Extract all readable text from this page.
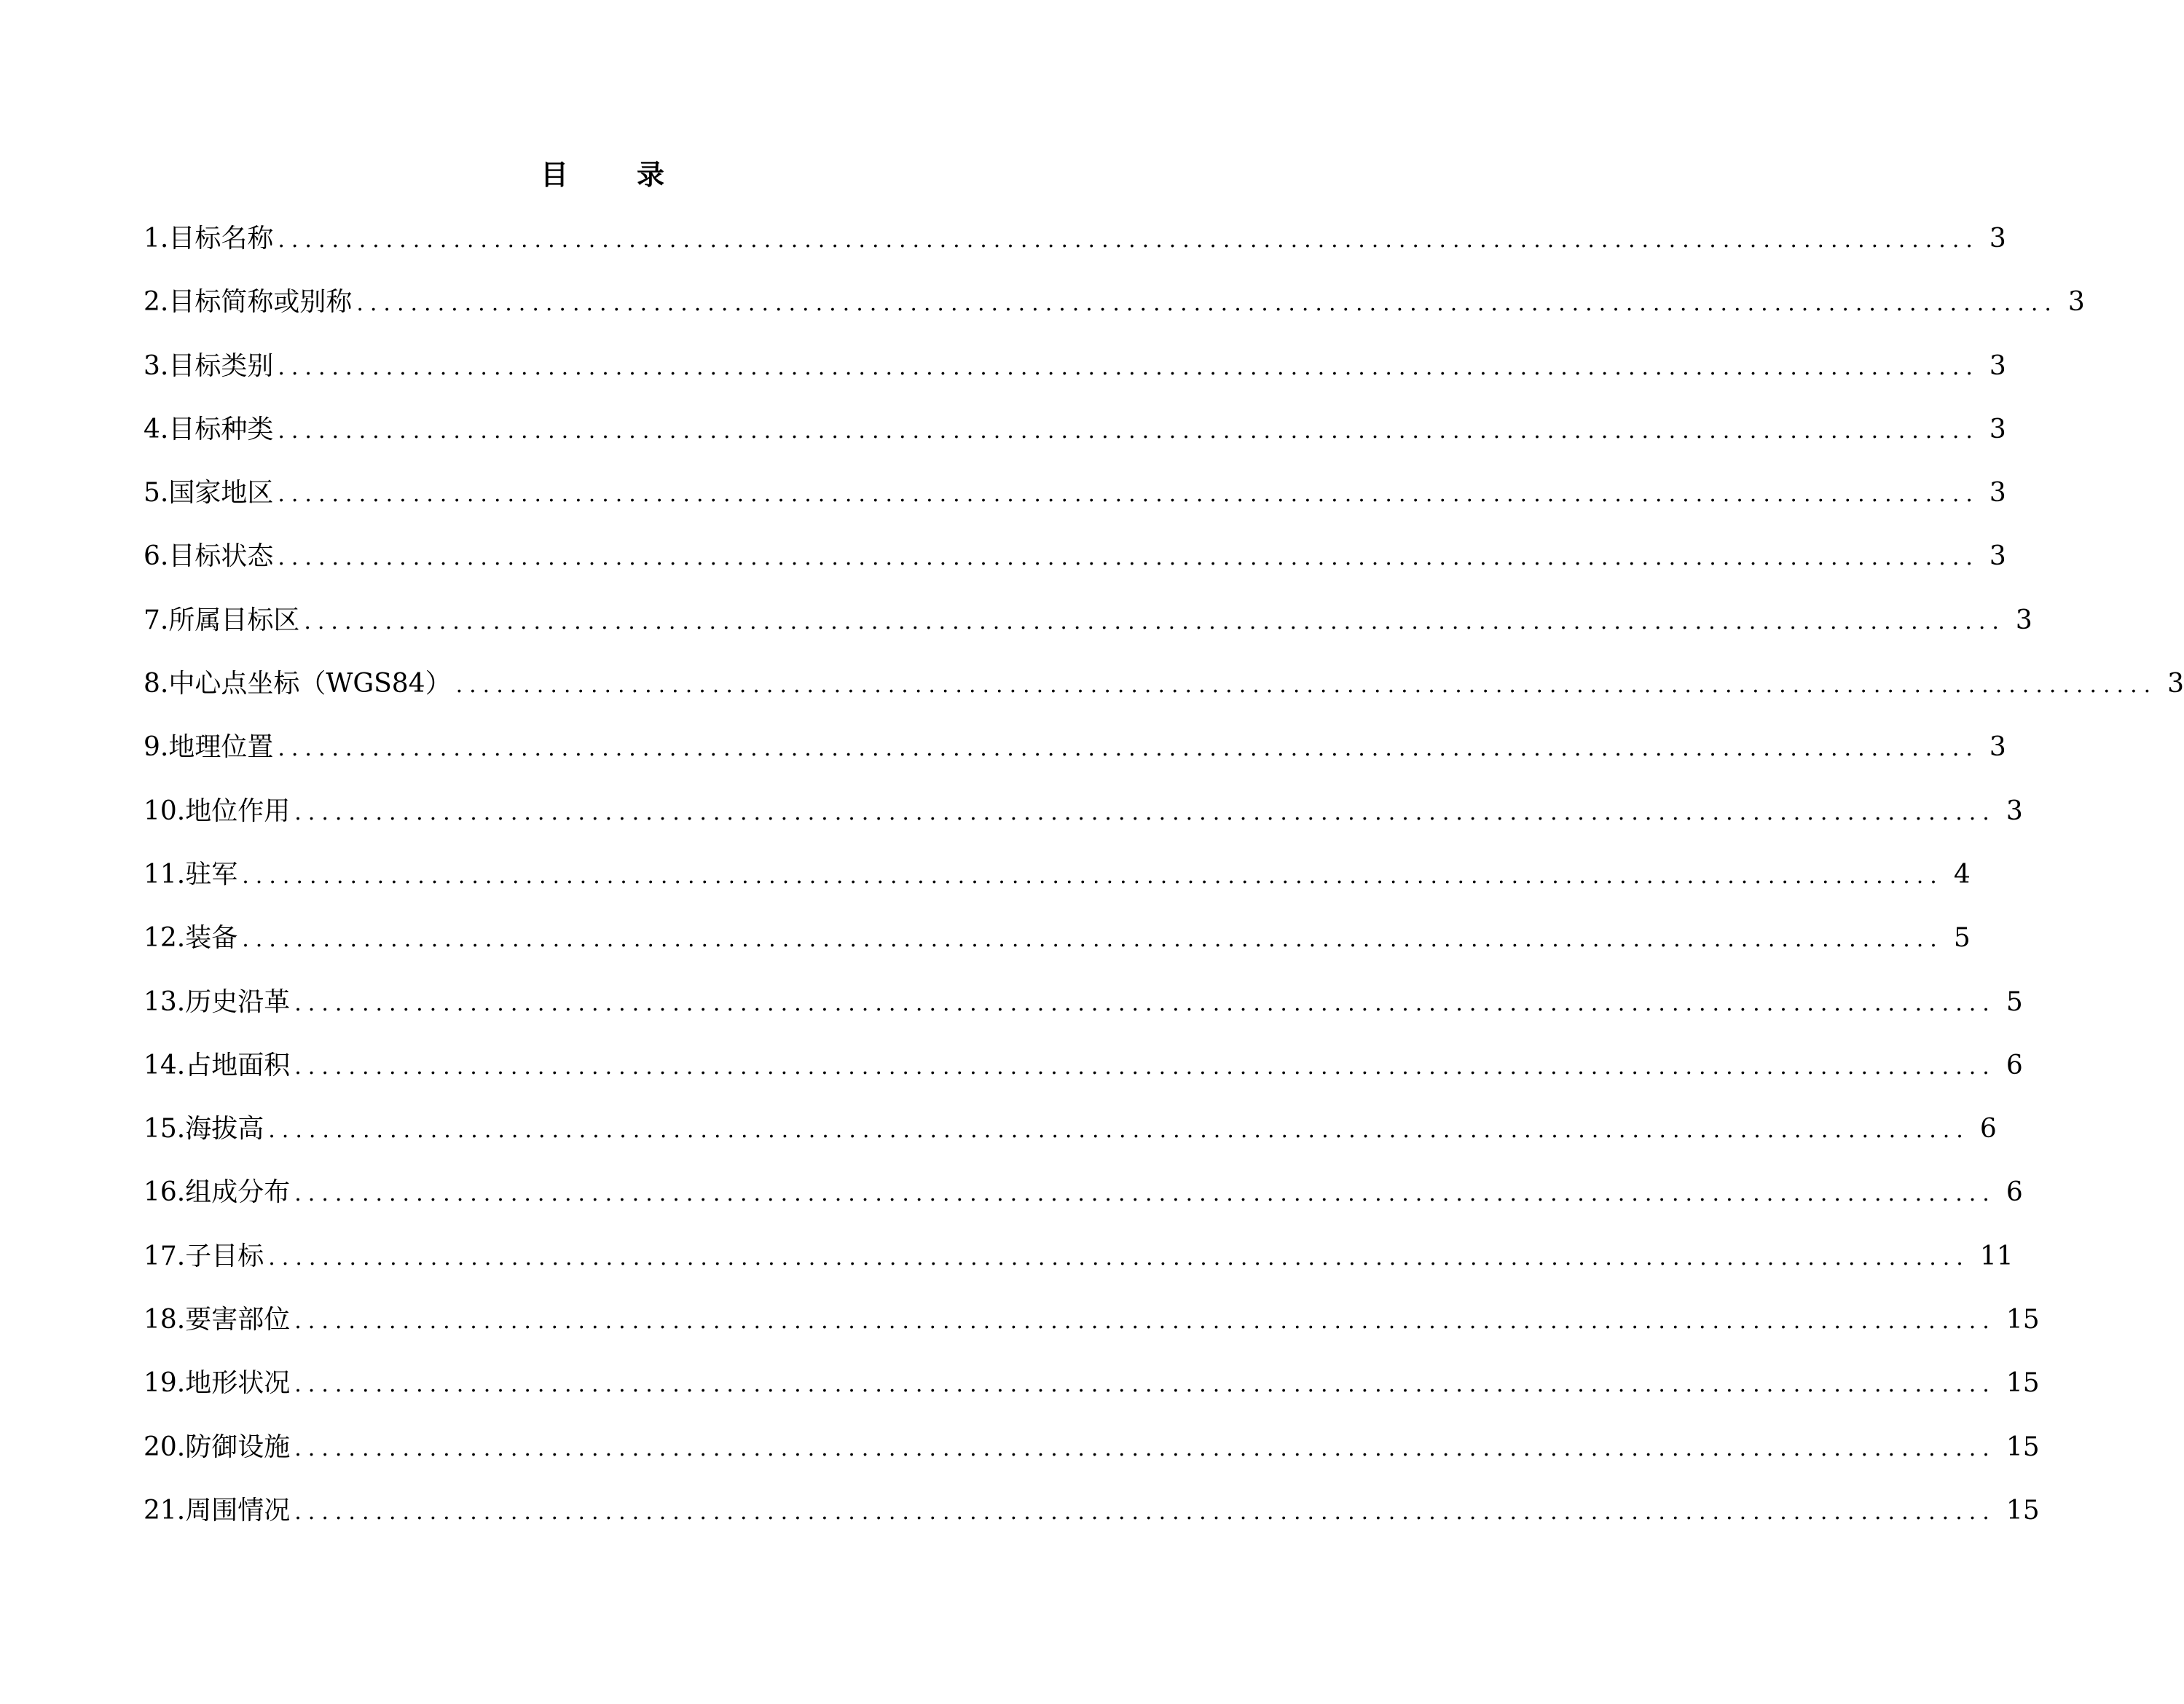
目　录
1.目标名称 .............................................................................................................................. 3
2.目标简称或别称 .............................................................................................................................. 3
3.目标类别 .............................................................................................................................. 3
4.目标种类 .............................................................................................................................. 3
5.国家地区 .............................................................................................................................. 3
6.目标状态 .............................................................................................................................. 3
7.所属目标区 .............................................................................................................................. 3
8.中心点坐标（WGS84） .............................................................................................................................. 3
9.地理位置 .............................................................................................................................. 3
10.地位作用 .............................................................................................................................. 3
11.驻军 .............................................................................................................................. 4
12.装备 .............................................................................................................................. 5
13.历史沿革 .............................................................................................................................. 5
14.占地面积 .............................................................................................................................. 6
15.海拔高 .............................................................................................................................. 6
16.组成分布 .............................................................................................................................. 6
17.子目标 .............................................................................................................................. 11
18.要害部位 .............................................................................................................................. 15
19.地形状况 .............................................................................................................................. 15
20.防御设施 .............................................................................................................................. 15
21.周围情况 .............................................................................................................................. 15
